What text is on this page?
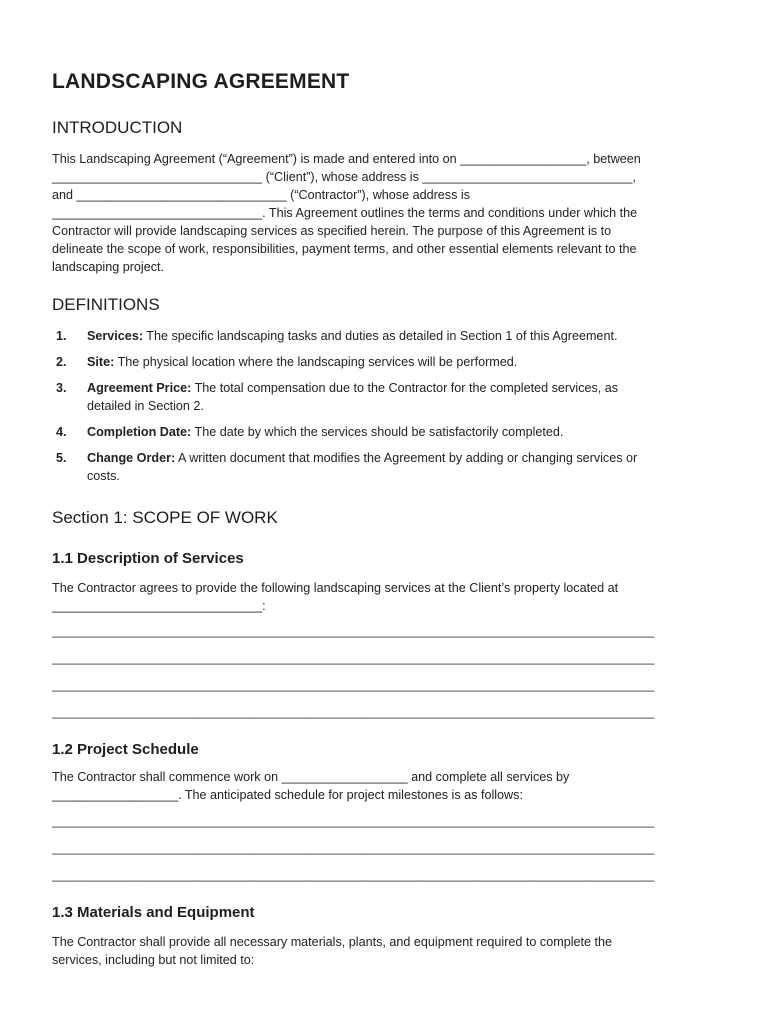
LANDSCAPING AGREEMENT
INTRODUCTION
This Landscaping Agreement (“Agreement”) is made and entered into on __________________, between
______________________________ (“Client”), whose address is ______________________________,
and ______________________________ (“Contractor”), whose address is
______________________________. This Agreement outlines the terms and conditions under which the
Contractor will provide landscaping services as specified herein. The purpose of this Agreement is to
delineate the scope of work, responsibilities, payment terms, and other essential elements relevant to the
landscaping project.
DEFINITIONS
1. Services: The specific landscaping tasks and duties as detailed in Section 1 of this Agreement.
2. Site: The physical location where the landscaping services will be performed.
3. Agreement Price: The total compensation due to the Contractor for the completed services, as
detailed in Section 2.
4. Completion Date: The date by which the services should be satisfactorily completed.
5. Change Order: A written document that modifies the Agreement by adding or changing services or
costs.
Section 1: SCOPE OF WORK
1.1 Description of Services
The Contractor agrees to provide the following landscaping services at the Client’s property located at
______________________________:
______________________________________________________________________________________
______________________________________________________________________________________
______________________________________________________________________________________
______________________________________________________________________________________
1.2 Project Schedule
The Contractor shall commence work on __________________ and complete all services by
__________________. The anticipated schedule for project milestones is as follows:
______________________________________________________________________________________
______________________________________________________________________________________
______________________________________________________________________________________
1.3 Materials and Equipment
The Contractor shall provide all necessary materials, plants, and equipment required to complete the
services, including but not limited to:
